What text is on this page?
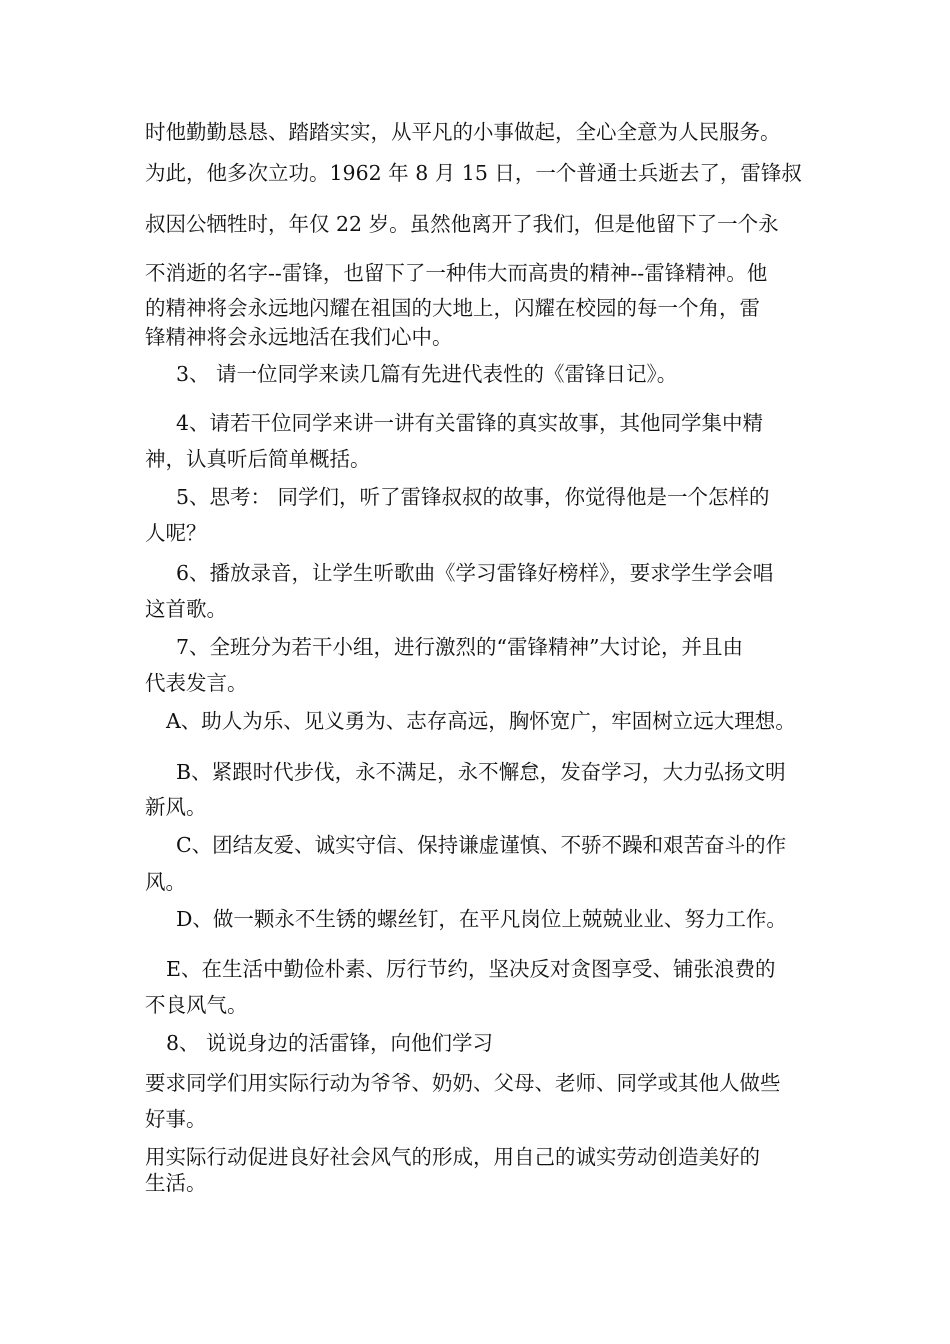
时他勤勤恳恳、踏踏实实，从平凡的小事做起，全心全意为人民服务。
为此，他多次立功。1962 年 8 月 15 日，一个普通士兵逝去了，雷锋叔
叔因公牺牲时，年仅 22 岁。虽然他离开了我们，但是他留下了一个永
不消逝的名字--雷锋，也留下了一种伟大而高贵的精神--雷锋精神。他
的精神将会永远地闪耀在祖国的大地上，闪耀在校园的每一个角，雷
锋精神将会永远地活在我们心中。
3、 请一位同学来读几篇有先进代表性的《雷锋日记》。
4、请若干位同学来讲一讲有关雷锋的真实故事，其他同学集中精
神，认真听后简单概括。
5、思考： 同学们，听了雷锋叔叔的故事，你觉得他是一个怎样的
人呢？
6、播放录音，让学生听歌曲《学习雷锋好榜样》，要求学生学会唱
这首歌。
7、全班分为若干小组，进行激烈的“雷锋精神”大讨论，并且由
代表发言。
A、助人为乐、见义勇为、志存高远，胸怀宽广，牢固树立远大理想。
B、紧跟时代步伐，永不满足，永不懈怠，发奋学习，大力弘扬文明
新风。
C、团结友爱、诚实守信、保持谦虚谨慎、不骄不躁和艰苦奋斗的作
风。
D、做一颗永不生锈的螺丝钉，在平凡岗位上兢兢业业、努力工作。
E、在生活中勤俭朴素、厉行节约，坚决反对贪图享受、铺张浪费的
不良风气。
8、 说说身边的活雷锋，向他们学习
要求同学们用实际行动为爷爷、奶奶、父母、老师、同学或其他人做些
好事。
用实际行动促进良好社会风气的形成，用自己的诚实劳动创造美好的
生活。
